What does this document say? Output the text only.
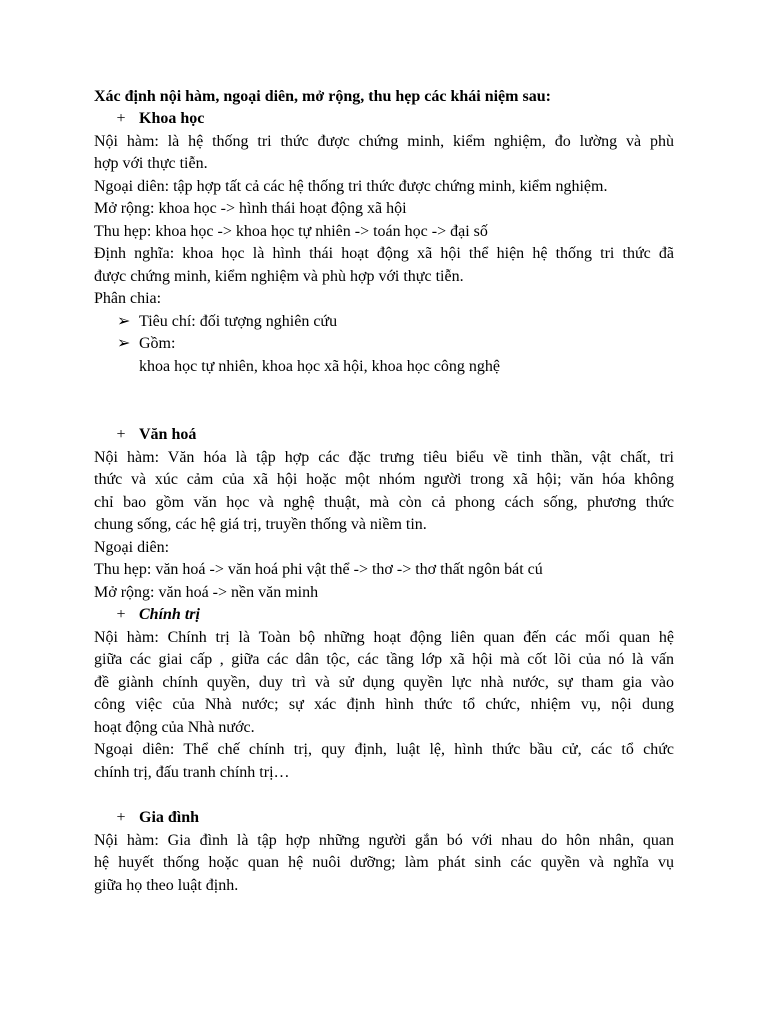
Xác định nội hàm, ngoại diên, mở rộng, thu hẹp các khái niệm sau:
+ Khoa học
Nội hàm: là hệ thống tri thức được chứng minh, kiểm nghiệm, đo lường và phù
hợp với thực tiễn.
Ngoại diên: tập hợp tất cả các hệ thống tri thức được chứng minh, kiểm nghiệm.
Mở rộng: khoa học -> hình thái hoạt động xã hội
Thu hẹp: khoa học -> khoa học tự nhiên -> toán học -> đại số
Định nghĩa: khoa học là hình thái hoạt động xã hội thể hiện hệ thống tri thức đã
được chứng minh, kiểm nghiệm và phù hợp với thực tiễn.
Phân chia:
➢ Tiêu chí: đối tượng nghiên cứu
➢ Gồm:
khoa học tự nhiên, khoa học xã hội, khoa học công nghệ
+ Văn hoá
Nội hàm: Văn hóa là tập hợp các đặc trưng tiêu biểu về tinh thần, vật chất, tri
thức và xúc cảm của xã hội hoặc một nhóm người trong xã hội; văn hóa không
chỉ bao gồm văn học và nghệ thuật, mà còn cả phong cách sống, phương thức
chung sống, các hệ giá trị, truyền thống và niềm tin.
Ngoại diên:
Thu hẹp: văn hoá -> văn hoá phi vật thể -> thơ -> thơ thất ngôn bát cú
Mở rộng: văn hoá -> nền văn minh
+ Chính trị
Nội hàm: Chính trị là Toàn bộ những hoạt động liên quan đến các mối quan hệ
giữa các giai cấp , giữa các dân tộc, các tầng lớp xã hội mà cốt lõi của nó là vấn
đề giành chính quyền, duy trì và sử dụng quyền lực nhà nước, sự tham gia vào
công việc của Nhà nước; sự xác định hình thức tổ chức, nhiệm vụ, nội dung
hoạt động của Nhà nước.
Ngoại diên: Thể chế chính trị, quy định, luật lệ, hình thức bầu cử, các tổ chức
chính trị, đấu tranh chính trị…
+ Gia đình
Nội hàm: Gia đình là tập hợp những người gắn bó với nhau do hôn nhân, quan
hệ huyết thống hoặc quan hệ nuôi dưỡng; làm phát sinh các quyền và nghĩa vụ
giữa họ theo luật định.
